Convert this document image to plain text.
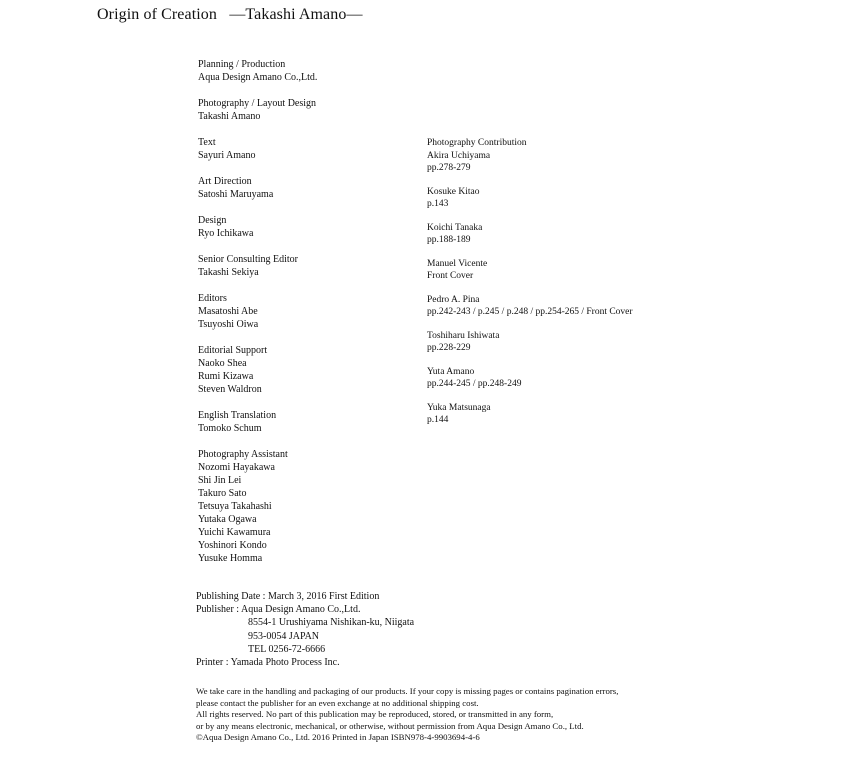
Origin of Creation —Takashi Amano—
Planning / Production
Aqua Design Amano Co.,Ltd.
Photography / Layout Design
Takashi Amano
Text
Sayuri Amano
Art Direction
Satoshi Maruyama
Design
Ryo Ichikawa
Senior Consulting Editor
Takashi Sekiya
Editors
Masatoshi Abe
Tsuyoshi Oiwa
Editorial Support
Naoko Shea
Rumi Kizawa
Steven Waldron
English Translation
Tomoko Schum
Photography Assistant
Nozomi Hayakawa
Shi Jin Lei
Takuro Sato
Tetsuya Takahashi
Yutaka Ogawa
Yuichi Kawamura
Yoshinori Kondo
Yusuke Homma
Photography Contribution
Akira Uchiyama
pp.278-279
Kosuke Kitao
p.143
Koichi Tanaka
pp.188-189
Manuel Vicente
Front Cover
Pedro A. Pina
pp.242-243 / p.245 / p.248 / pp.254-265 / Front Cover
Toshiharu Ishiwata
pp.228-229
Yuta Amano
pp.244-245 / pp.248-249
Yuka Matsunaga
p.144
Publishing Date : March 3, 2016 First Edition
Publisher : Aqua Design Amano Co.,Ltd.
8554-1 Urushiyama Nishikan-ku, Niigata
953-0054 JAPAN
TEL 0256-72-6666
Printer : Yamada Photo Process Inc.
We take care in the handling and packaging of our products. If your copy is missing pages or contains pagination errors,
please contact the publisher for an even exchange at no additional shipping cost.
All rights reserved. No part of this publication may be reproduced, stored, or transmitted in any form,
or by any means electronic, mechanical, or otherwise, without permission from Aqua Design Amano Co., Ltd.
©Aqua Design Amano Co., Ltd. 2016 Printed in Japan ISBN978-4-9903694-4-6
